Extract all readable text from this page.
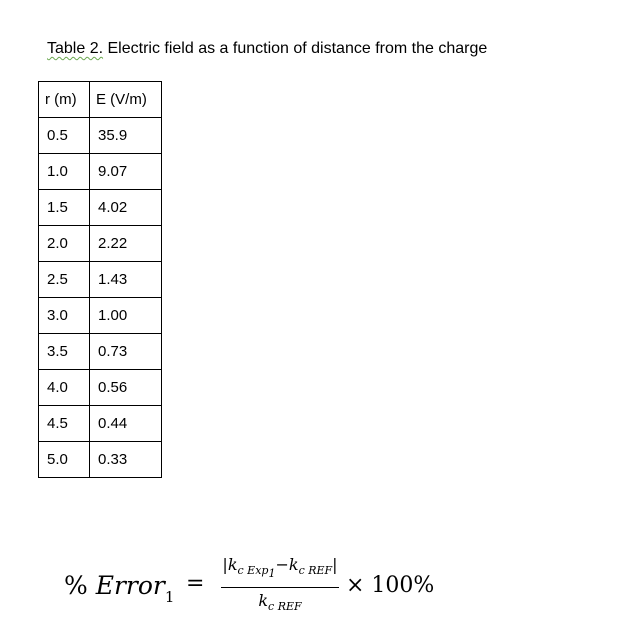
Table 2. Electric field as a function of distance from the charge
r (m)	E (V/m)
0.5	35.9
1.0	9.07
1.5	4.02
2.0	2.22
2.5	1.43
3.0	1.00
3.5	0.73
4.0	0.56
4.5	0.44
5.0	0.33
% Error$_1$
=
$|k_{c Exp_1}-k_{c REF}|$
$k_{c REF}$
× 100%
